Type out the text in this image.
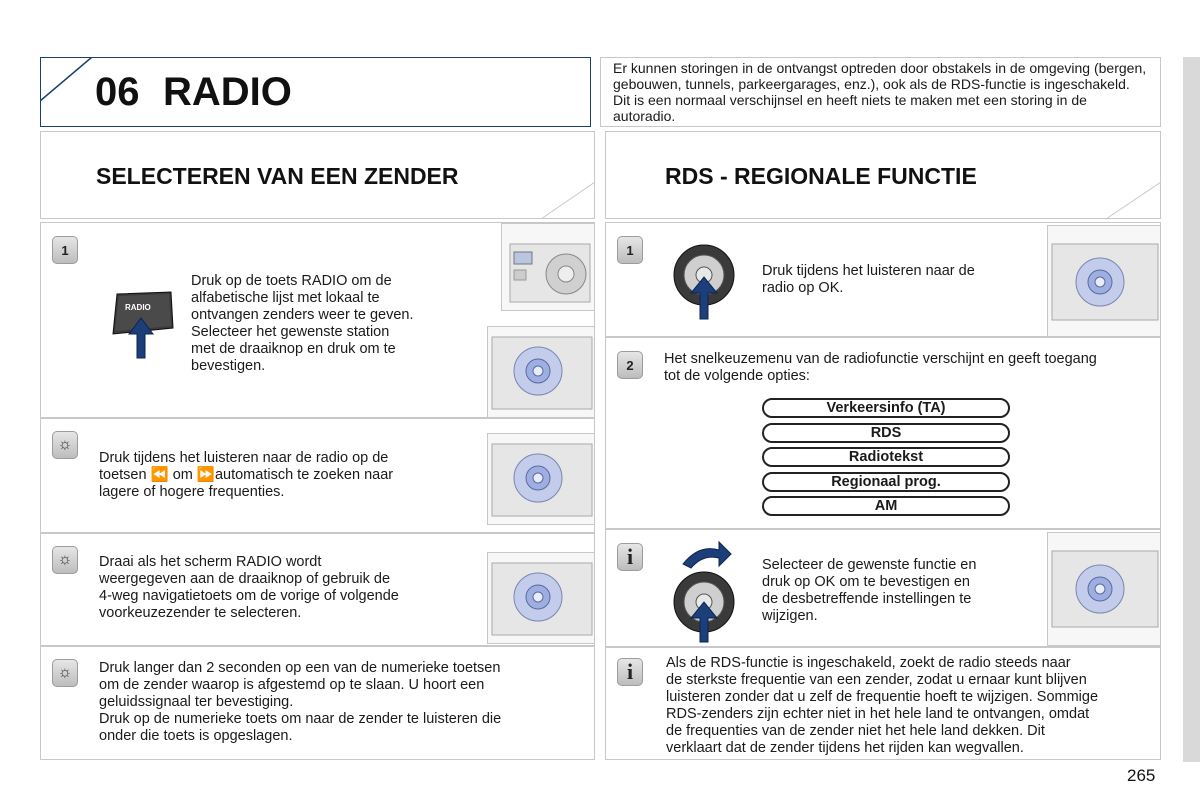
06 RADIO
Er kunnen storingen in de ontvangst optreden door obstakels in de omgeving (bergen, gebouwen, tunnels, parkeergarages, enz.), ook als de RDS-functie is ingeschakeld. Dit is een normaal verschijnsel en heeft niets te maken met een storing in de autoradio.
SELECTEREN VAN EEN ZENDER	RDS - REGIONALE FUNCTIE
1
RADIO

Druk op de toets RADIO om de

alfabetische lijst met lokaal te

ontvangen zenders weer te geven.

Selecteer het gewenste station

met de draaiknop en druk om te

bevestigen.

☼

Druk tijdens het luisteren naar de radio op de

toetsen ⏪ om ⏩automatisch te zoeken naar

lagere of hogere frequenties.

☼	Draai als het scherm RADIO wordt

weergegeven aan de draaiknop of gebruik de

4-weg navigatietoets om de vorige of volgende

voorkeuzezender te selecteren.

☼	Druk langer dan 2 seconden op een van de numerieke toetsen

om de zender waarop is afgestemd op te slaan. U hoort een

geluidssignaal ter bevestiging.

Druk op de numerieke toets om naar de zender te luisteren die

onder die toets is opgeslagen.

1

Druk tijdens het luisteren naar de

radio op OK.

2	Het snelkeuzemenu van de radiofunctie verschijnt en geeft toegang

tot de volgende opties:

Verkeersinfo (TA)
RDS
Radiotekst
Regionaal prog.
AM
i	Selecteer de gewenste functie en

druk op OK om te bevestigen en

de desbetreffende instellingen te

wijzigen.

i	Als de RDS-functie is ingeschakeld, zoekt de radio steeds naar

de sterkste frequentie van een zender, zodat u ernaar kunt blijven

luisteren zonder dat u zelf de frequentie hoeft te wijzigen. Sommige

RDS-zenders zijn echter niet in het hele land te ontvangen, omdat

de frequenties van de zender niet het hele land dekken. Dit

verklaart dat de zender tijdens het rijden kan wegvallen.

265
